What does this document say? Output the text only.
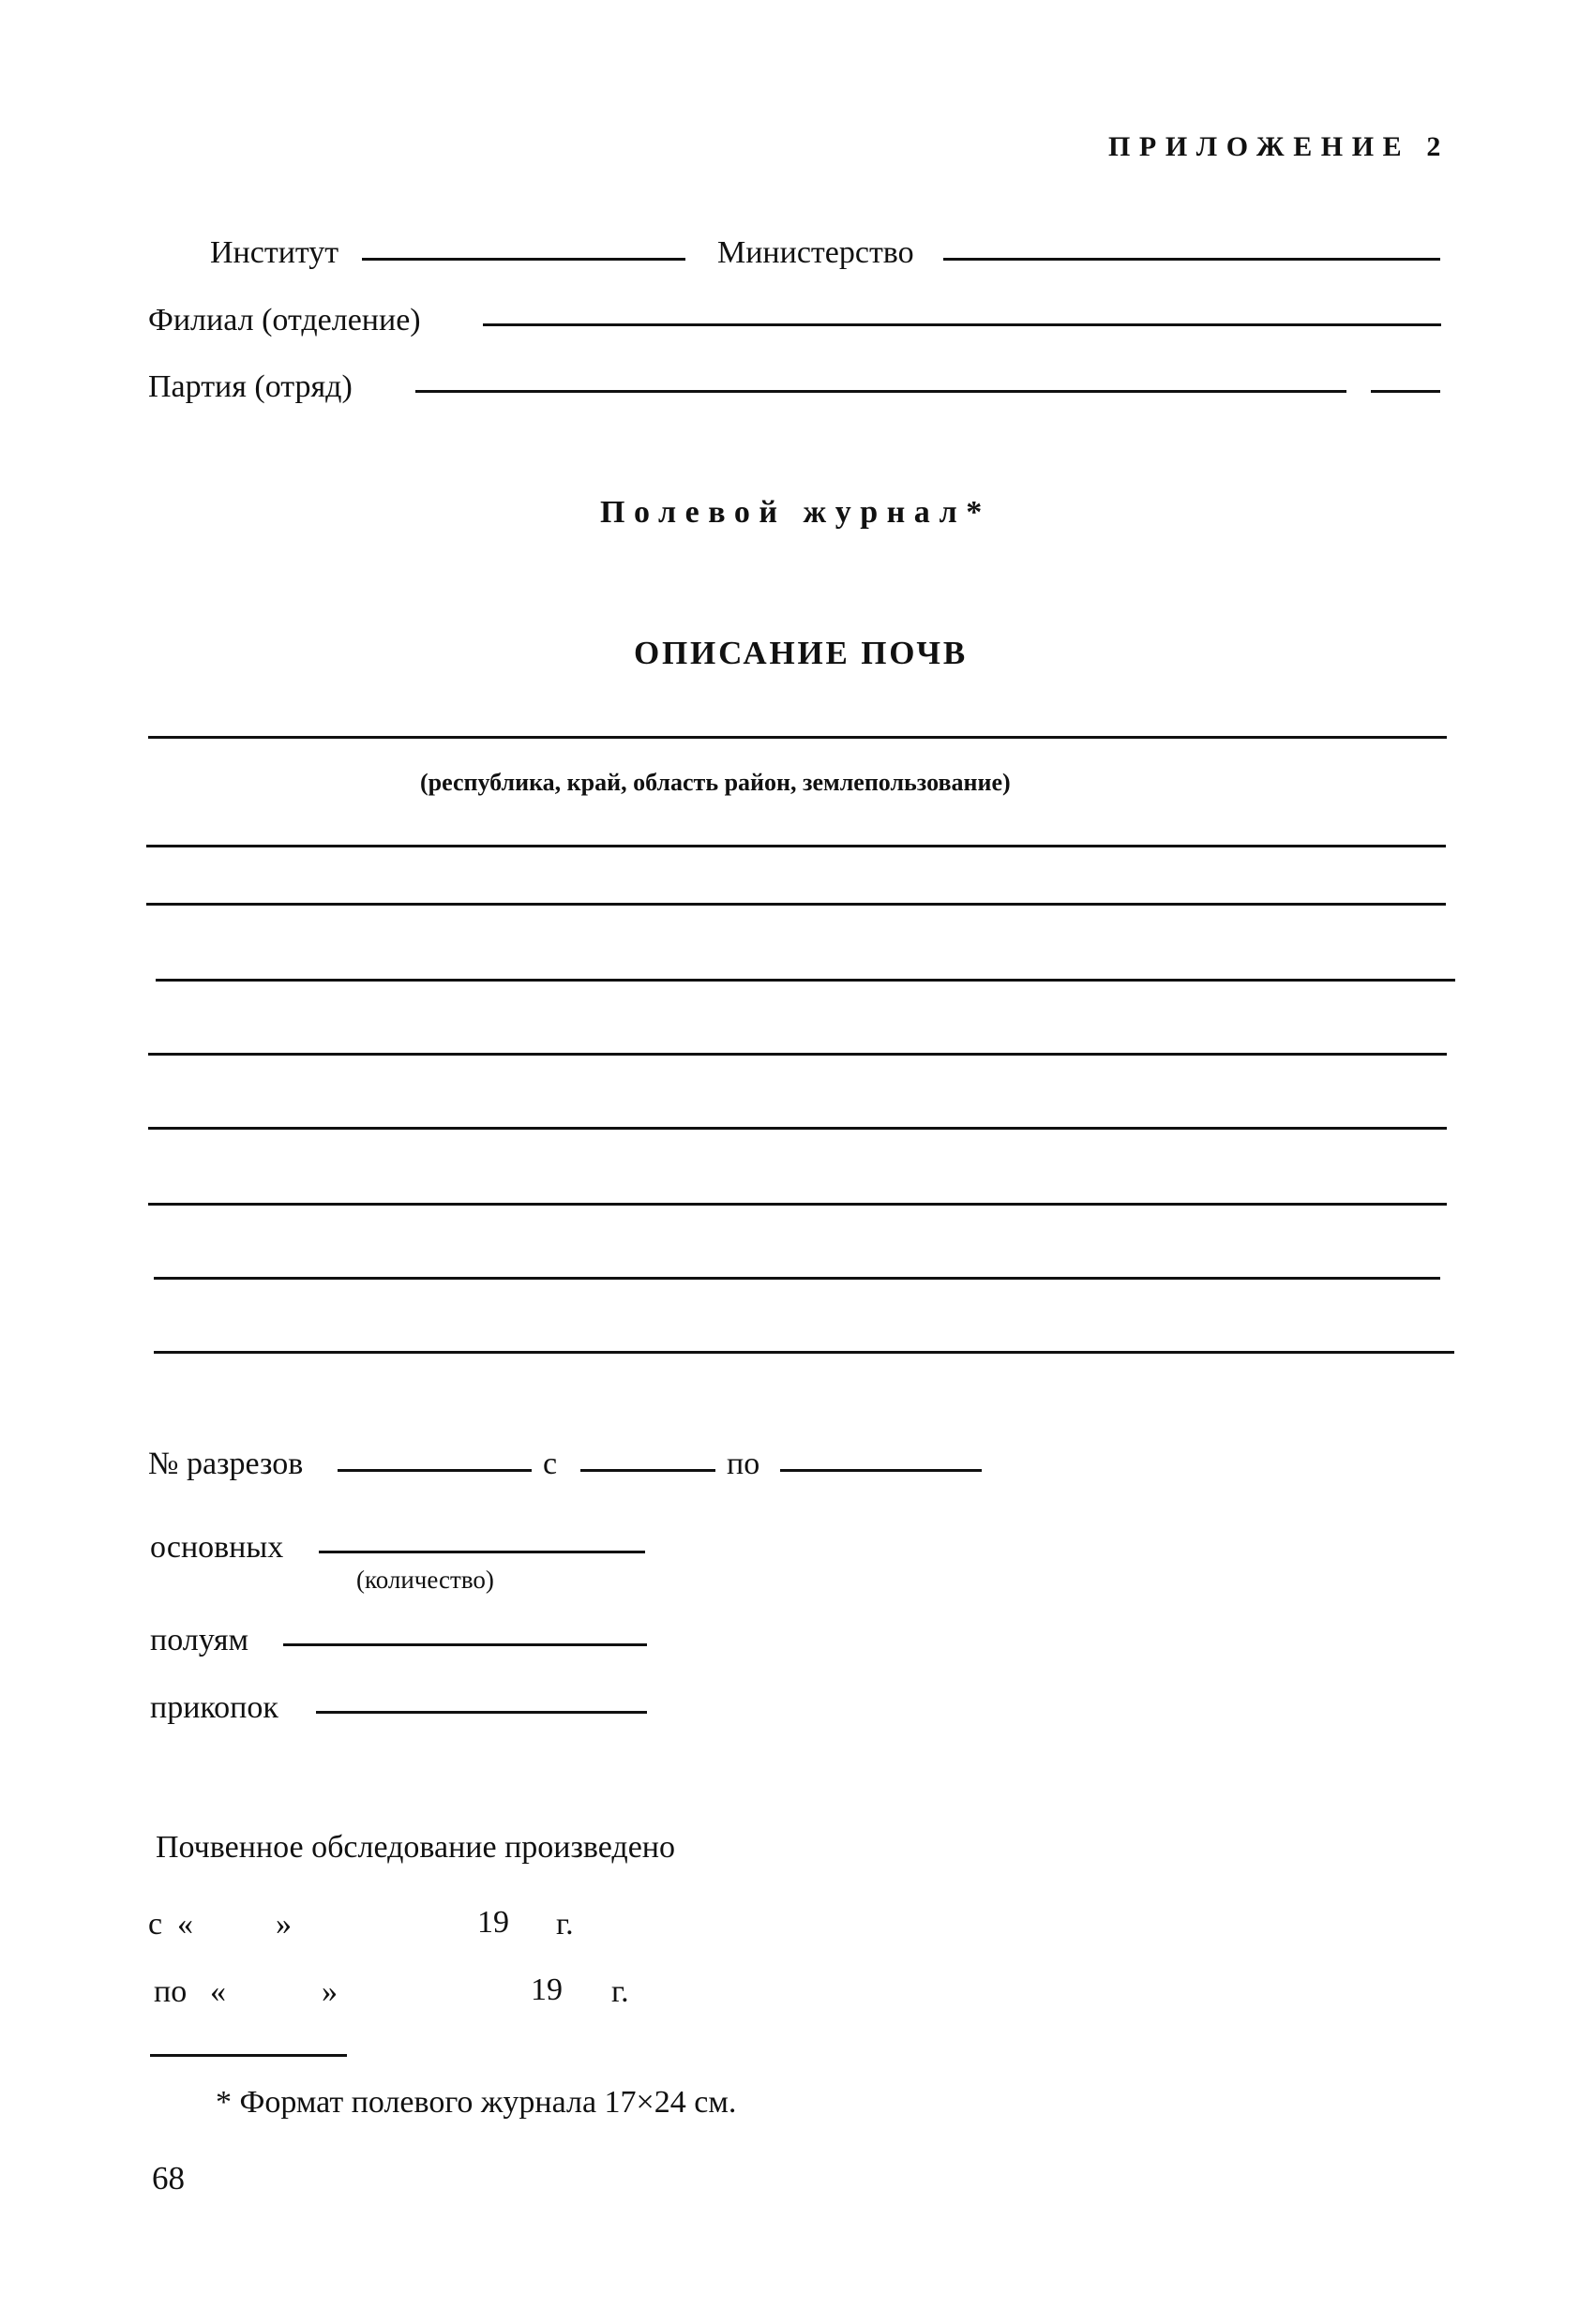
ПРИЛОЖЕНИЕ 2
Институт	Министерство
Филиал (отделение)
Партия (отряд)
Полевой журнал*
ОПИСАНИЕ ПОЧВ
(республика, край, область район, землепользование)
№ разрезов	с	по
основных
(количество)
полуям
прикопок
Почвенное обследование произведено
с «	»	19 г.
по «	»	19 г.
* Формат полевого журнала 17×24 см.
68
